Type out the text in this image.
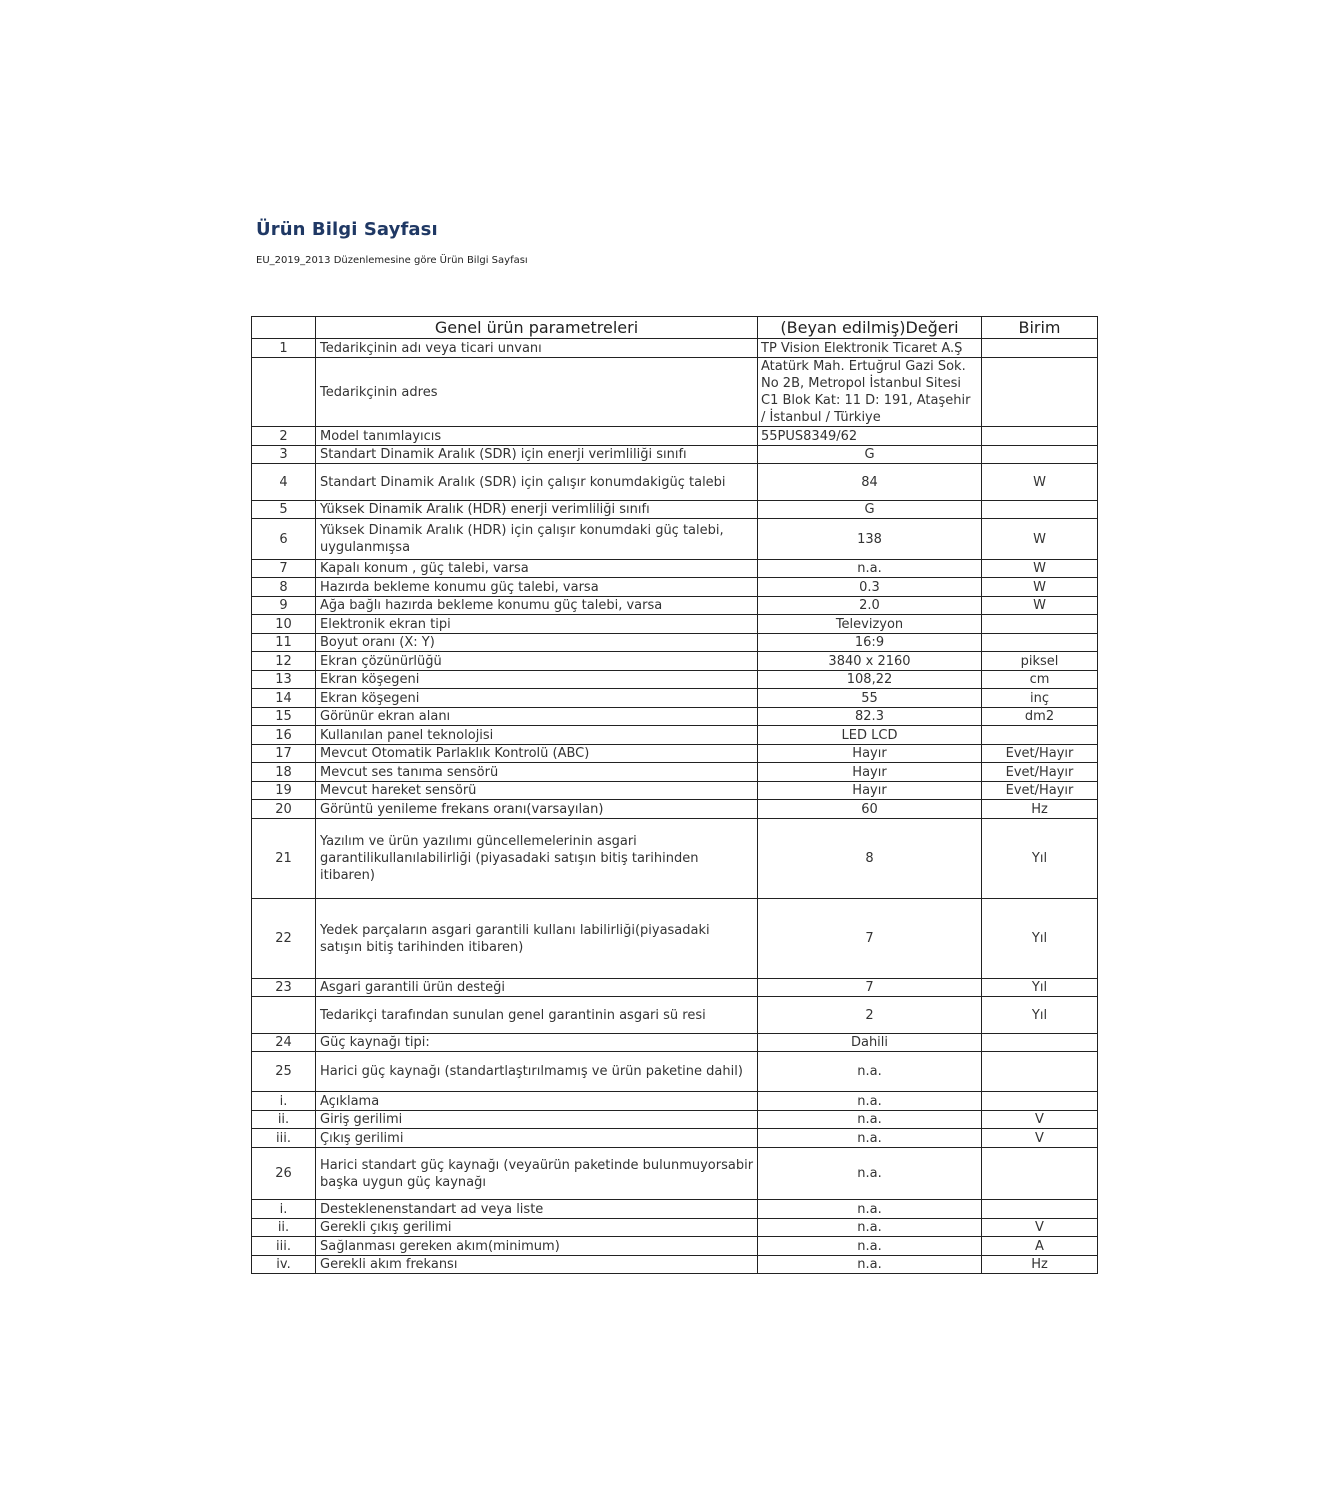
Ürün Bilgi Sayfası
EU_2019_2013 Düzenlemesine göre Ürün Bilgi Sayfası
	Genel ürün parametreleri	(Beyan edilmiş)Değeri	Birim
1	Tedarikçinin adı veya ticari unvanı	TP Vision Elektronik Ticaret A.Ş	
	Tedarikçinin adres	Atatürk Mah. Ertuğrul Gazi Sok. No 2B, Metropol İstanbul Sitesi C1 Blok Kat: 11 D: 191, Ataşehir / İstanbul / Türkiye	
2	Model tanımlayıcıs	55PUS8349/62	
3	Standart Dinamik Aralık (SDR) için enerji verimliliği sınıfı	G	
4	Standart Dinamik Aralık (SDR) için çalışır konumdakigüç talebi	84	W
5	Yüksek Dinamik Aralık (HDR) enerji verimliliği sınıfı	G	
6	Yüksek Dinamik Aralık (HDR) için çalışır konumdaki güç talebi, uygulanmışsa	138	W
7	Kapalı konum , güç talebi, varsa	n.a.	W
8	Hazırda bekleme konumu güç talebi, varsa	0.3	W
9	Ağa bağlı hazırda bekleme konumu güç talebi, varsa	2.0	W
10	Elektronik ekran tipi	Televizyon	
11	Boyut oranı (X: Y)	16:9	
12	Ekran çözünürlüğü	3840 x 2160	piksel
13	Ekran köşegeni	108,22	cm
14	Ekran köşegeni	55	inç
15	Görünür ekran alanı	82.3	dm2
16	Kullanılan panel teknolojisi	LED LCD	
17	Mevcut Otomatik Parlaklık Kontrolü (ABC)	Hayır	Evet/Hayır
18	Mevcut ses tanıma sensörü	Hayır	Evet/Hayır
19	Mevcut hareket sensörü	Hayır	Evet/Hayır
20	Görüntü yenileme frekans oranı(varsayılan)	60	Hz
21	Yazılım ve ürün yazılımı güncellemelerinin asgari garantilikullanılabilirliği (piyasadaki satışın bitiş tarihinden itibaren)	8	Yıl
22	Yedek parçaların asgari garantili kullanı labilirliği(piyasadaki satışın bitiş tarihinden itibaren)	7	Yıl
23	Asgari garantili ürün desteği	7	Yıl
	Tedarikçi tarafından sunulan genel garantinin asgari sü resi	2	Yıl
24	Güç kaynağı tipi:	Dahili	
25	Harici güç kaynağı (standartlaştırılmamış ve ürün paketine dahil)	n.a.	
i.	Açıklama	n.a.	
ii.	Giriş gerilimi	n.a.	V
iii.	Çıkış gerilimi	n.a.	V
26	Harici standart güç kaynağı (veyaürün paketinde bulunmuyorsabir başka uygun güç kaynağı	n.a.	
i.	Desteklenenstandart ad veya liste	n.a.	
ii.	Gerekli çıkış gerilimi	n.a.	V
iii.	Sağlanması gereken akım(minimum)	n.a.	A
iv.	Gerekli akım frekansı	n.a.	Hz
